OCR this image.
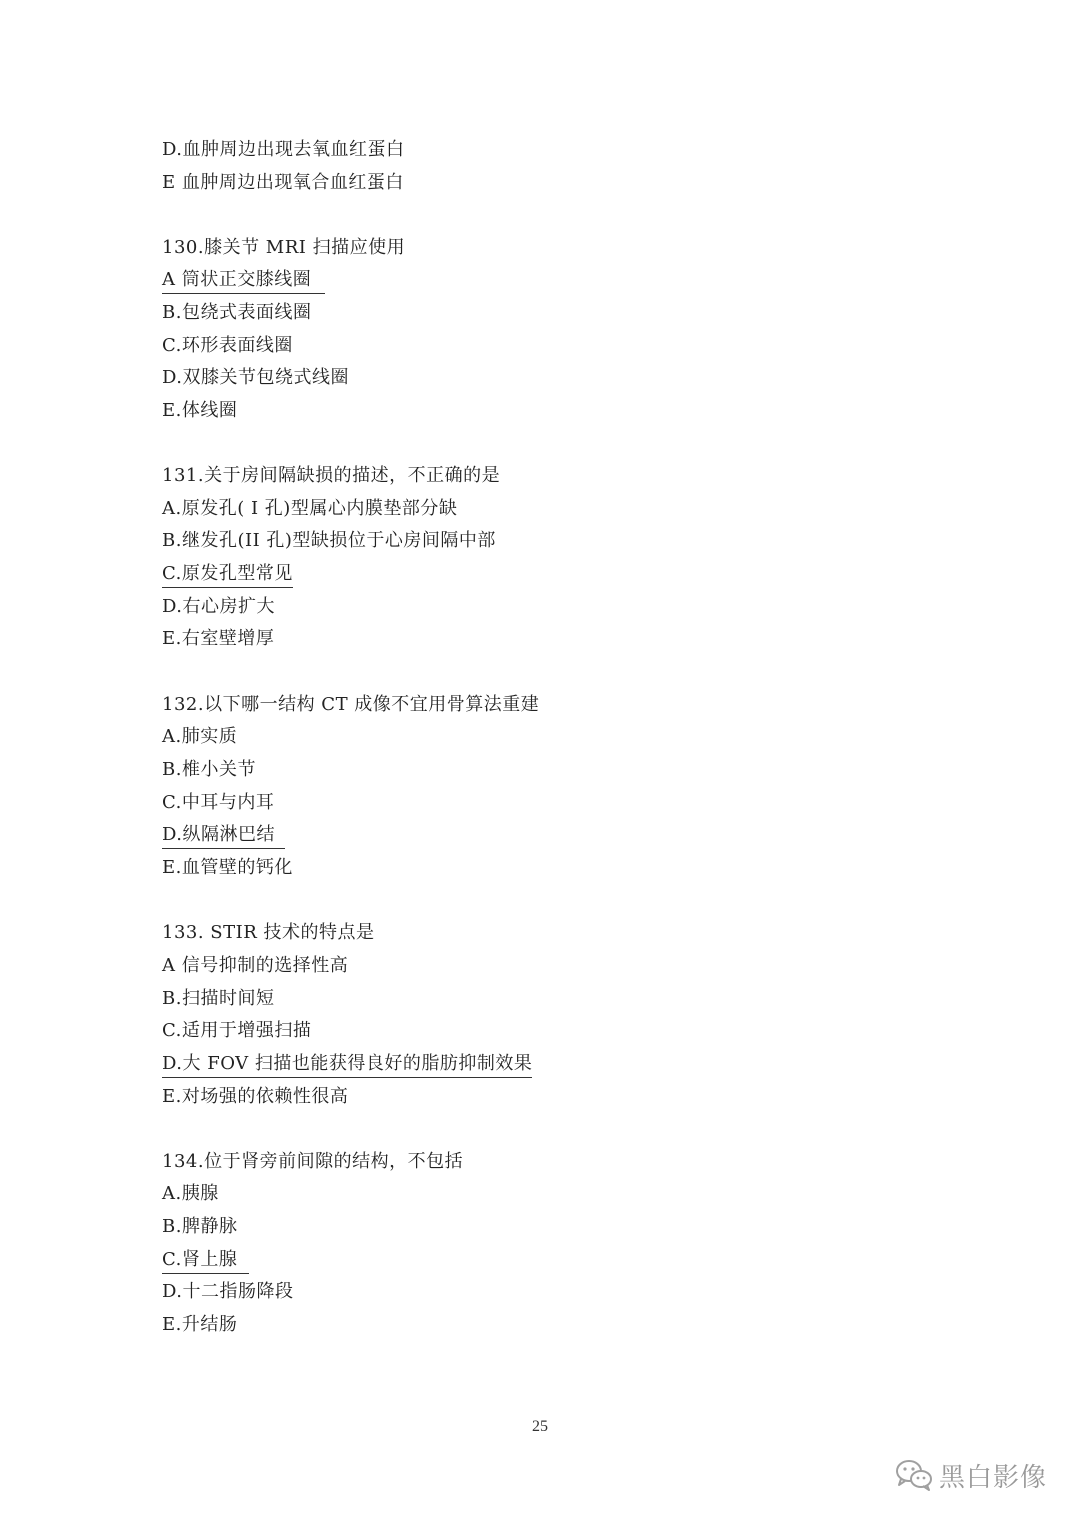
D.血肿周边出现去氧血红蛋白
E 血肿周边出现氧合血红蛋白
130.膝关节 MRI 扫描应使用
A 筒状正交膝线圈
B.包绕式表面线圈
C.环形表面线圈
D.双膝关节包绕式线圈
E.体线圈
131.关于房间隔缺损的描述，不正确的是
A.原发孔( I 孔)型属心内膜垫部分缺
B.继发孔(II 孔)型缺损位于心房间隔中部
C.原发孔型常见
D.右心房扩大
E.右室壁增厚
132.以下哪一结构 CT 成像不宜用骨算法重建
A.肺实质
B.椎小关节
C.中耳与内耳
D.纵隔淋巴结
E.血管壁的钙化
133. STIR 技术的特点是
A 信号抑制的选择性高
B.扫描时间短
C.适用于增强扫描
D.大 FOV 扫描也能获得良好的脂肪抑制效果
E.对场强的依赖性很高
134.位于肾旁前间隙的结构，不包括
A.胰腺
B.脾静脉
C.肾上腺
D.十二指肠降段
E.升结肠
25
黑白影像
